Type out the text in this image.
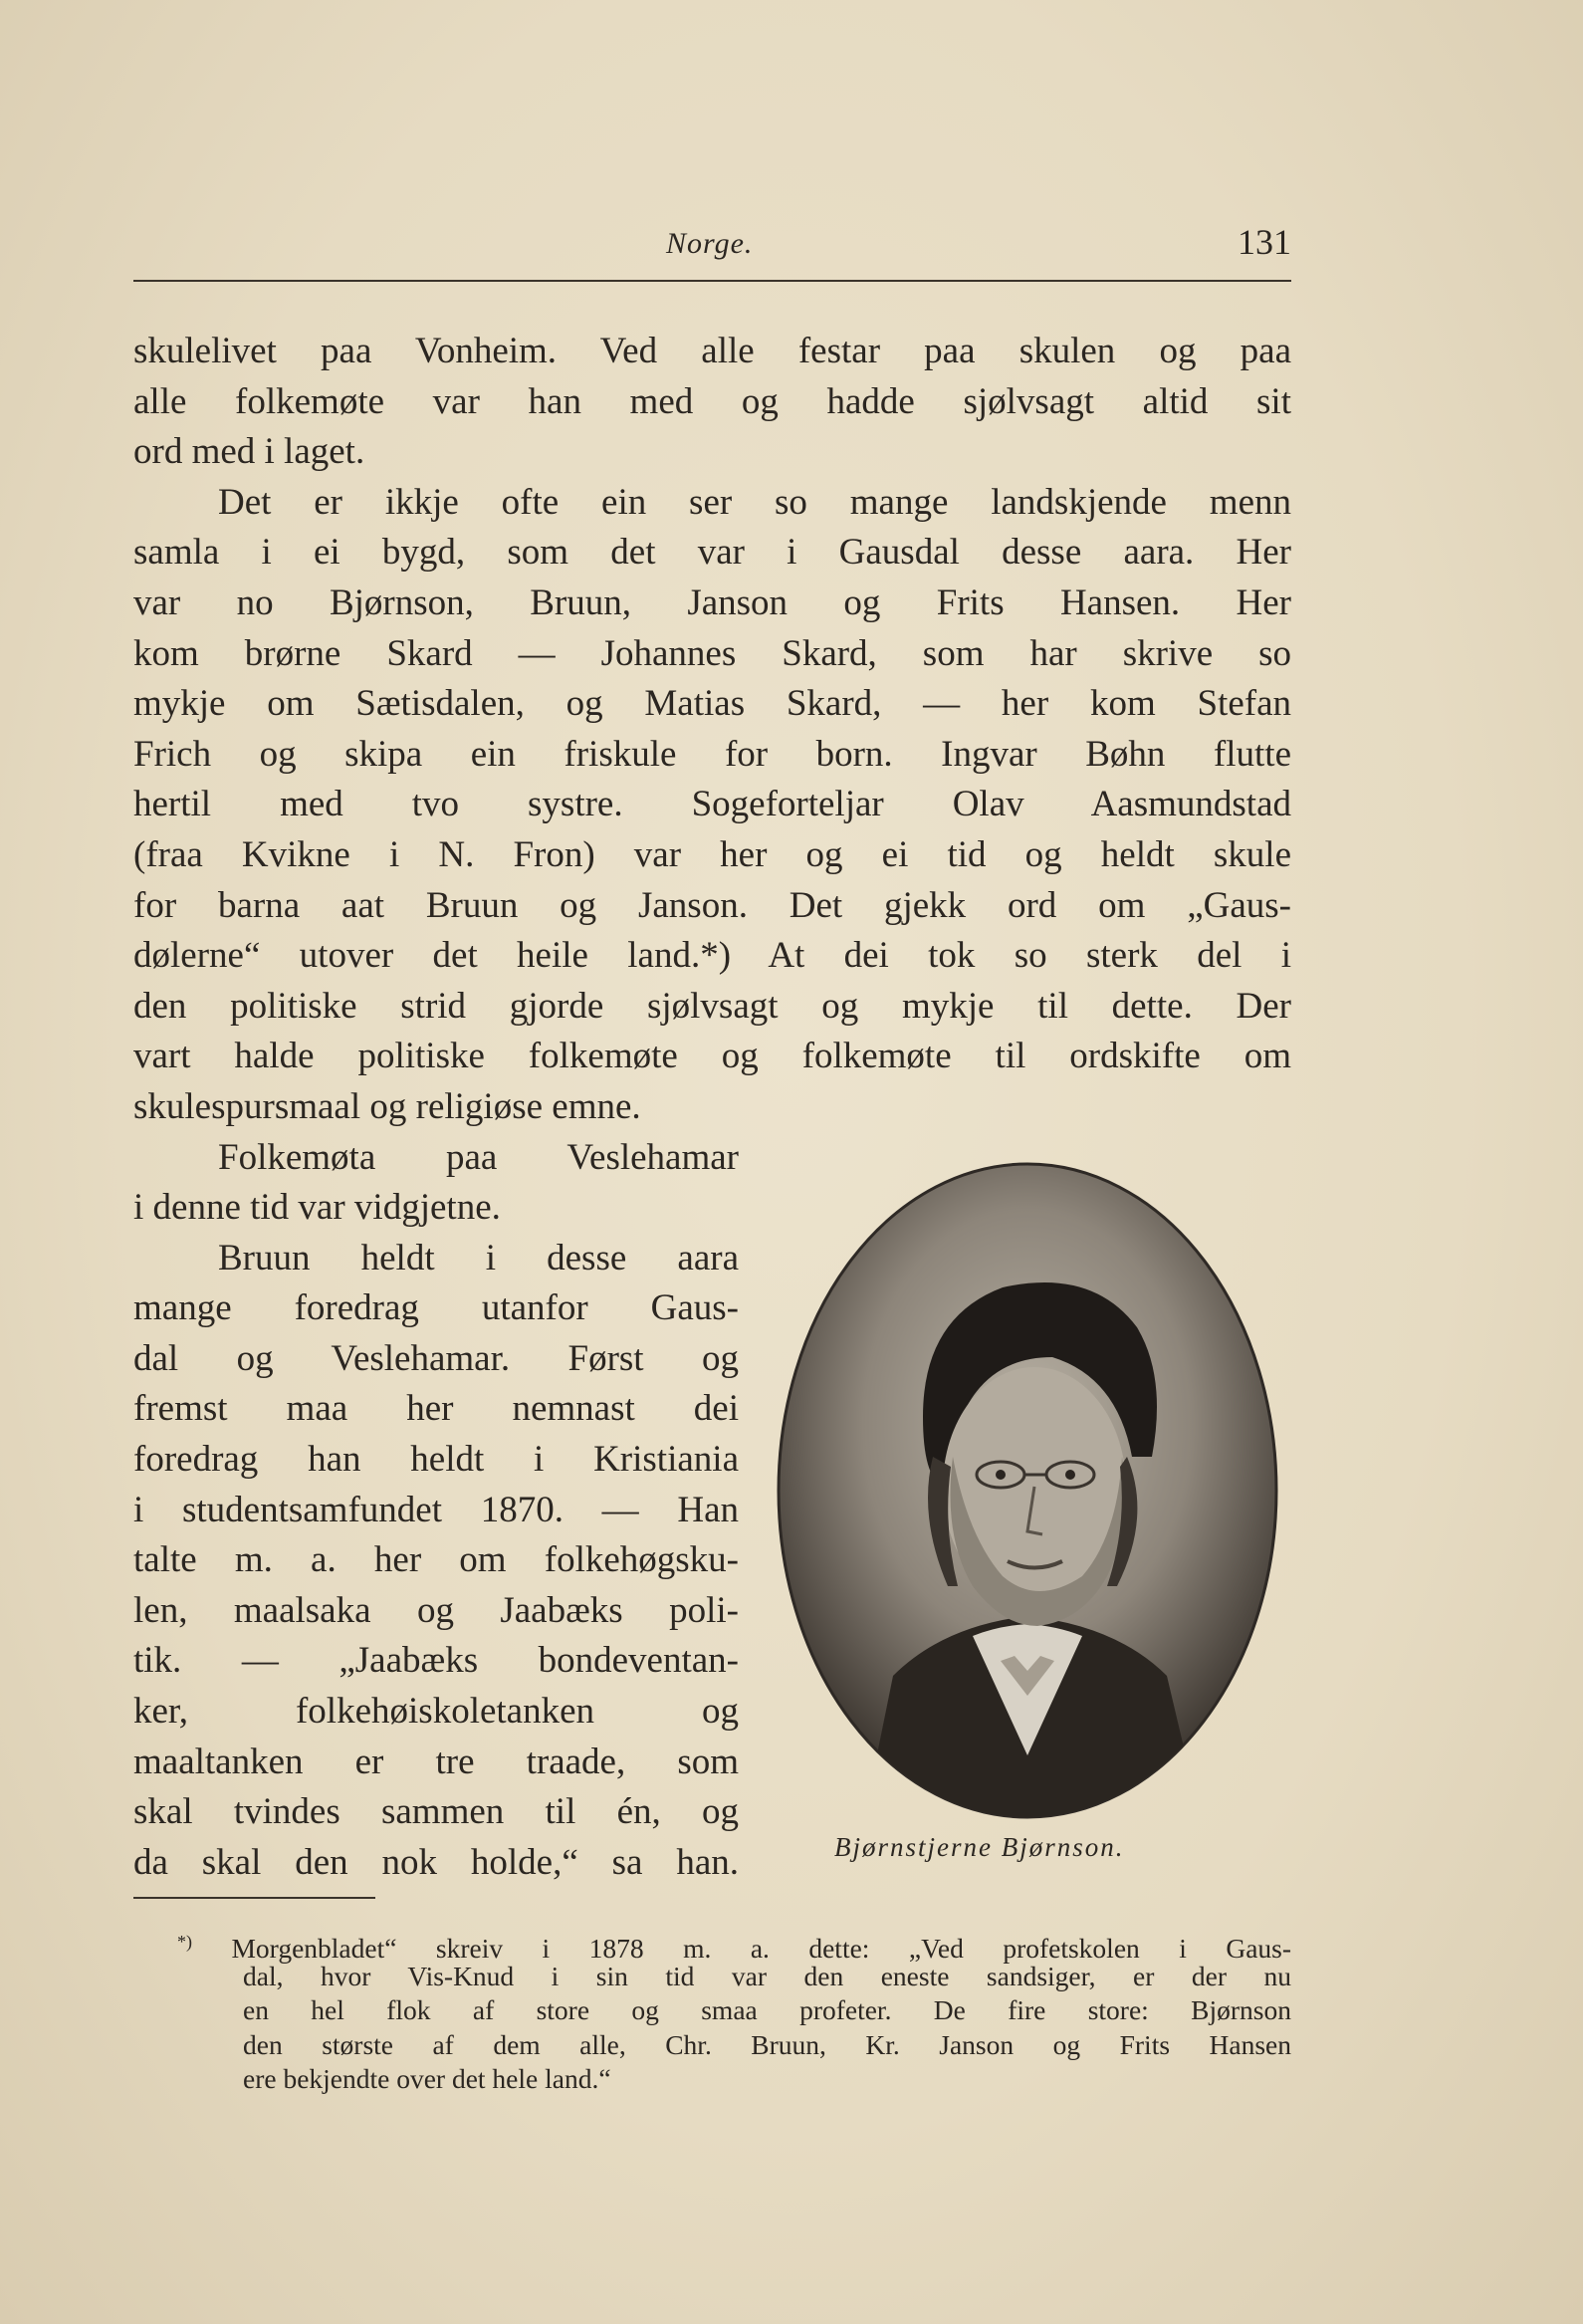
Norge.	131
skulelivet paa Vonheim. Ved alle festar paa skulen og paa
alle folkemøte var han med og hadde sjølvsagt altid sit
ord med i laget.
Det er ikkje ofte ein ser so mange landskjende menn
samla i ei bygd, som det var i Gausdal desse aara. Her
var no Bjørnson, Bruun, Janson og Frits Hansen. Her
kom brørne Skard — Johannes Skard, som har skrive so
mykje om Sætisdalen, og Matias Skard, — her kom Stefan
Frich og skipa ein friskule for born. Ingvar Bøhn flutte
hertil med tvo systre. Sogeforteljar Olav Aasmundstad
(fraa Kvikne i N. Fron) var her og ei tid og heldt skule
for barna aat Bruun og Janson. Det gjekk ord om „Gaus-
dølerne“ utover det heile land.*) At dei tok so sterk del i
den politiske strid gjorde sjølvsagt og mykje til dette. Der
vart halde politiske folkemøte og folkemøte til ordskifte om
skulespursmaal og religiøse emne.
Folkemøta paa Veslehamar
i denne tid var vidgjetne.
Bruun heldt i desse aara
mange foredrag utanfor Gaus-
dal og Veslehamar. Først og
fremst maa her nemnast dei
foredrag han heldt i Kristiania
i studentsamfundet 1870. — Han
talte m. a. her om folkehøgsku-
len, maalsaka og Jaabæks poli-
tik. — „Jaabæks bondeventan-
ker, folkehøiskoletanken og
maaltanken er tre traade, som
skal tvindes sammen til én, og
da skal den nok holde,“ sa han.	Bjørnstjerne Bjørnson.
*) Morgenbladet“ skreiv i 1878 m. a. dette: „Ved profetskolen i Gaus-
dal, hvor Vis-Knud i sin tid var den eneste sandsiger, er der nu
en hel flok af store og smaa profeter. De fire store: Bjørnson
den største af dem alle, Chr. Bruun, Kr. Janson og Frits Hansen
ere bekjendte over det hele land.“
